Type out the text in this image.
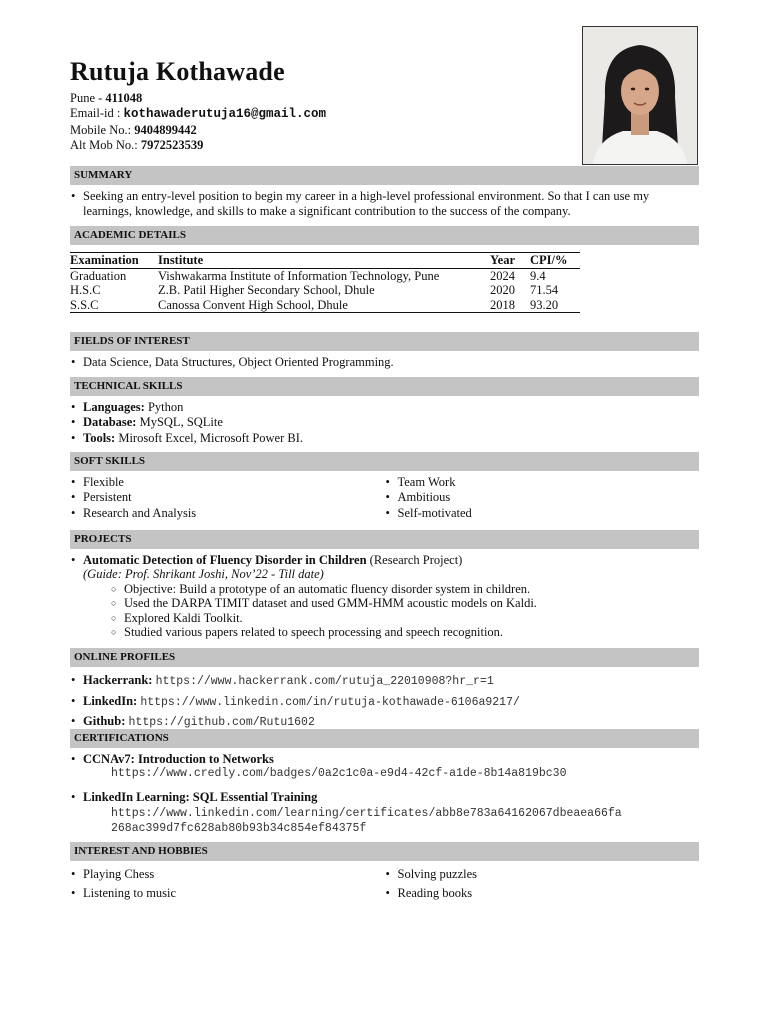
Rutuja Kothawade
Pune - 411048
Email-id : kothawaderutuja16@gmail.com
Mobile No.: 9404899442
Alt Mob No.: 7972523539
SUMMARY
• Seeking an entry-level position to begin my career in a high-level professional environment. So that I can use my learnings, knowledge, and skills to make a significant contribution to the success of the company.
ACADEMIC DETAILS
Examination	Institute	Year	CPI/%
Graduation	Vishwakarma Institute of Information Technology, Pune	2024	9.4
H.S.C	Z.B. Patil Higher Secondary School, Dhule	2020	71.54
S.S.C	Canossa Convent High School, Dhule	2018	93.20
FIELDS OF INTEREST
• Data Science, Data Structures, Object Oriented Programming.
TECHNICAL SKILLS
• Languages: Python
• Database: MySQL, SQLite
• Tools: Mirosoft Excel, Microsoft Power BI.
SOFT SKILLS
• Flexible
• Persistent
• Research and Analysis
• Team Work
• Ambitious
• Self-motivated
PROJECTS
• Automatic Detection of Fluency Disorder in Children (Research Project)
(Guide: Prof. Shrikant Joshi, Nov’22 - Till date)
○ Objective: Build a prototype of an automatic fluency disorder system in children.
○ Used the DARPA TIMIT dataset and used GMM-HMM acoustic models on Kaldi.
○ Explored Kaldi Toolkit.
○ Studied various papers related to speech processing and speech recognition.
ONLINE PROFILES
• Hackerrank: https://www.hackerrank.com/rutuja_22010908?hr_r=1
• LinkedIn: https://www.linkedin.com/in/rutuja-kothawade-6106a9217/
• Github: https://github.com/Rutu1602
CERTIFICATIONS
• CCNAv7: Introduction to Networks
https://www.credly.com/badges/0a2c1c0a-e9d4-42cf-a1de-8b14a819bc30
• LinkedIn Learning: SQL Essential Training
https://www.linkedin.com/learning/certificates/abb8e783a64162067dbeaea66fa
268ac399d7fc628ab80b93b34c854ef84375f
INTEREST AND HOBBIES
• Playing Chess
• Listening to music
• Solving puzzles
• Reading books
